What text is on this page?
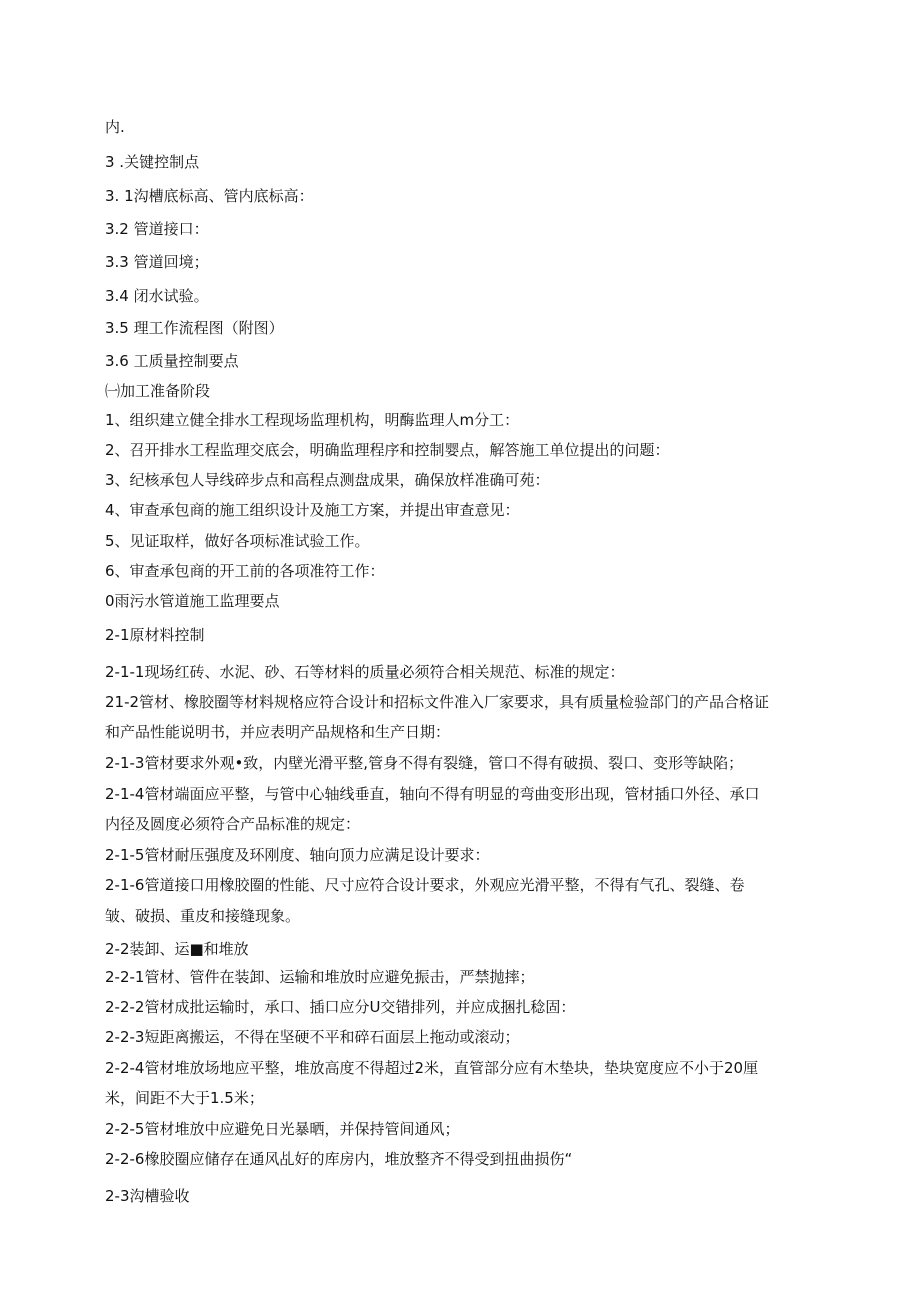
内.

3 .关键控制点

3. 1沟槽底标高、管内底标高：

3.2 管道接口：

3.3 管道回境；

3.4 闭水试验。

3.5 理工作流程图（附图）

3.6 工质量控制要点

㈠加工准备阶段

1、组织建立健全排水工程现场监理机构，明酶监理人m分工：

2、召开排水工程监理交底会，明确监理程序和控制婴点，解答施工单位提出的问题：

3、纪核承包人导线碎步点和高程点测盘成果，确保放样准确可苑：

4、审查承包商的施工组织设计及施工方案，并提出审查意见：

5、见证取样，做好各项标准试验工作。

6、审查承包商的开工前的各项准符工作：

0雨污水管道施工监理要点

2-1原材料控制

2-1-1现场红砖、水泥、砂、石等材料的质量必须符合相关规范、标准的规定：

21-2管材、橡胶圈等材料规格应符合设计和招标文件准入厂家要求，具有质量检验部门的产品合格证

和产品性能说明书，并应表明产品规格和生产日期：

2-1-3管材要求外观•致，内壁光滑平整,管身不得有裂缝，管口不得有破损、裂口、变形等缺陷；

2-1-4管材端面应平整，与管中心轴线垂直，轴向不得有明显的弯曲变形出现，管材插口外径、承口

内径及圆度必须符合产品标准的规定：

2-1-5管材耐压强度及环刚度、轴向顶力应满足设计要求：

2-1-6管道接口用橡胶圈的性能、尺寸应符合设计要求，外观应光滑平整，不得有气孔、裂缝、卷

皱、破损、重皮和接缝现象。

2-2装卸、运■和堆放

2-2-1管材、管件在装卸、运输和堆放时应避免振击，严禁抛摔；

2-2-2管材成批运输时，承口、插口应分U交错排列，并应成捆扎稔固：

2-2-3短距离搬运，不得在坚硬不平和碎石面层上拖动或滚动；

2-2-4管材堆放场地应平整，堆放高度不得超过2米，直管部分应有木垫块，垫块宽度应不小于20厘

米，间距不大于1.5米；

2-2-5管材堆放中应避免日光暴晒，并保持管间通风；

2-2-6橡胶圈应储存在通风乩好的库房内，堆放整齐不得受到扭曲损伤“

2-3沟槽验收
